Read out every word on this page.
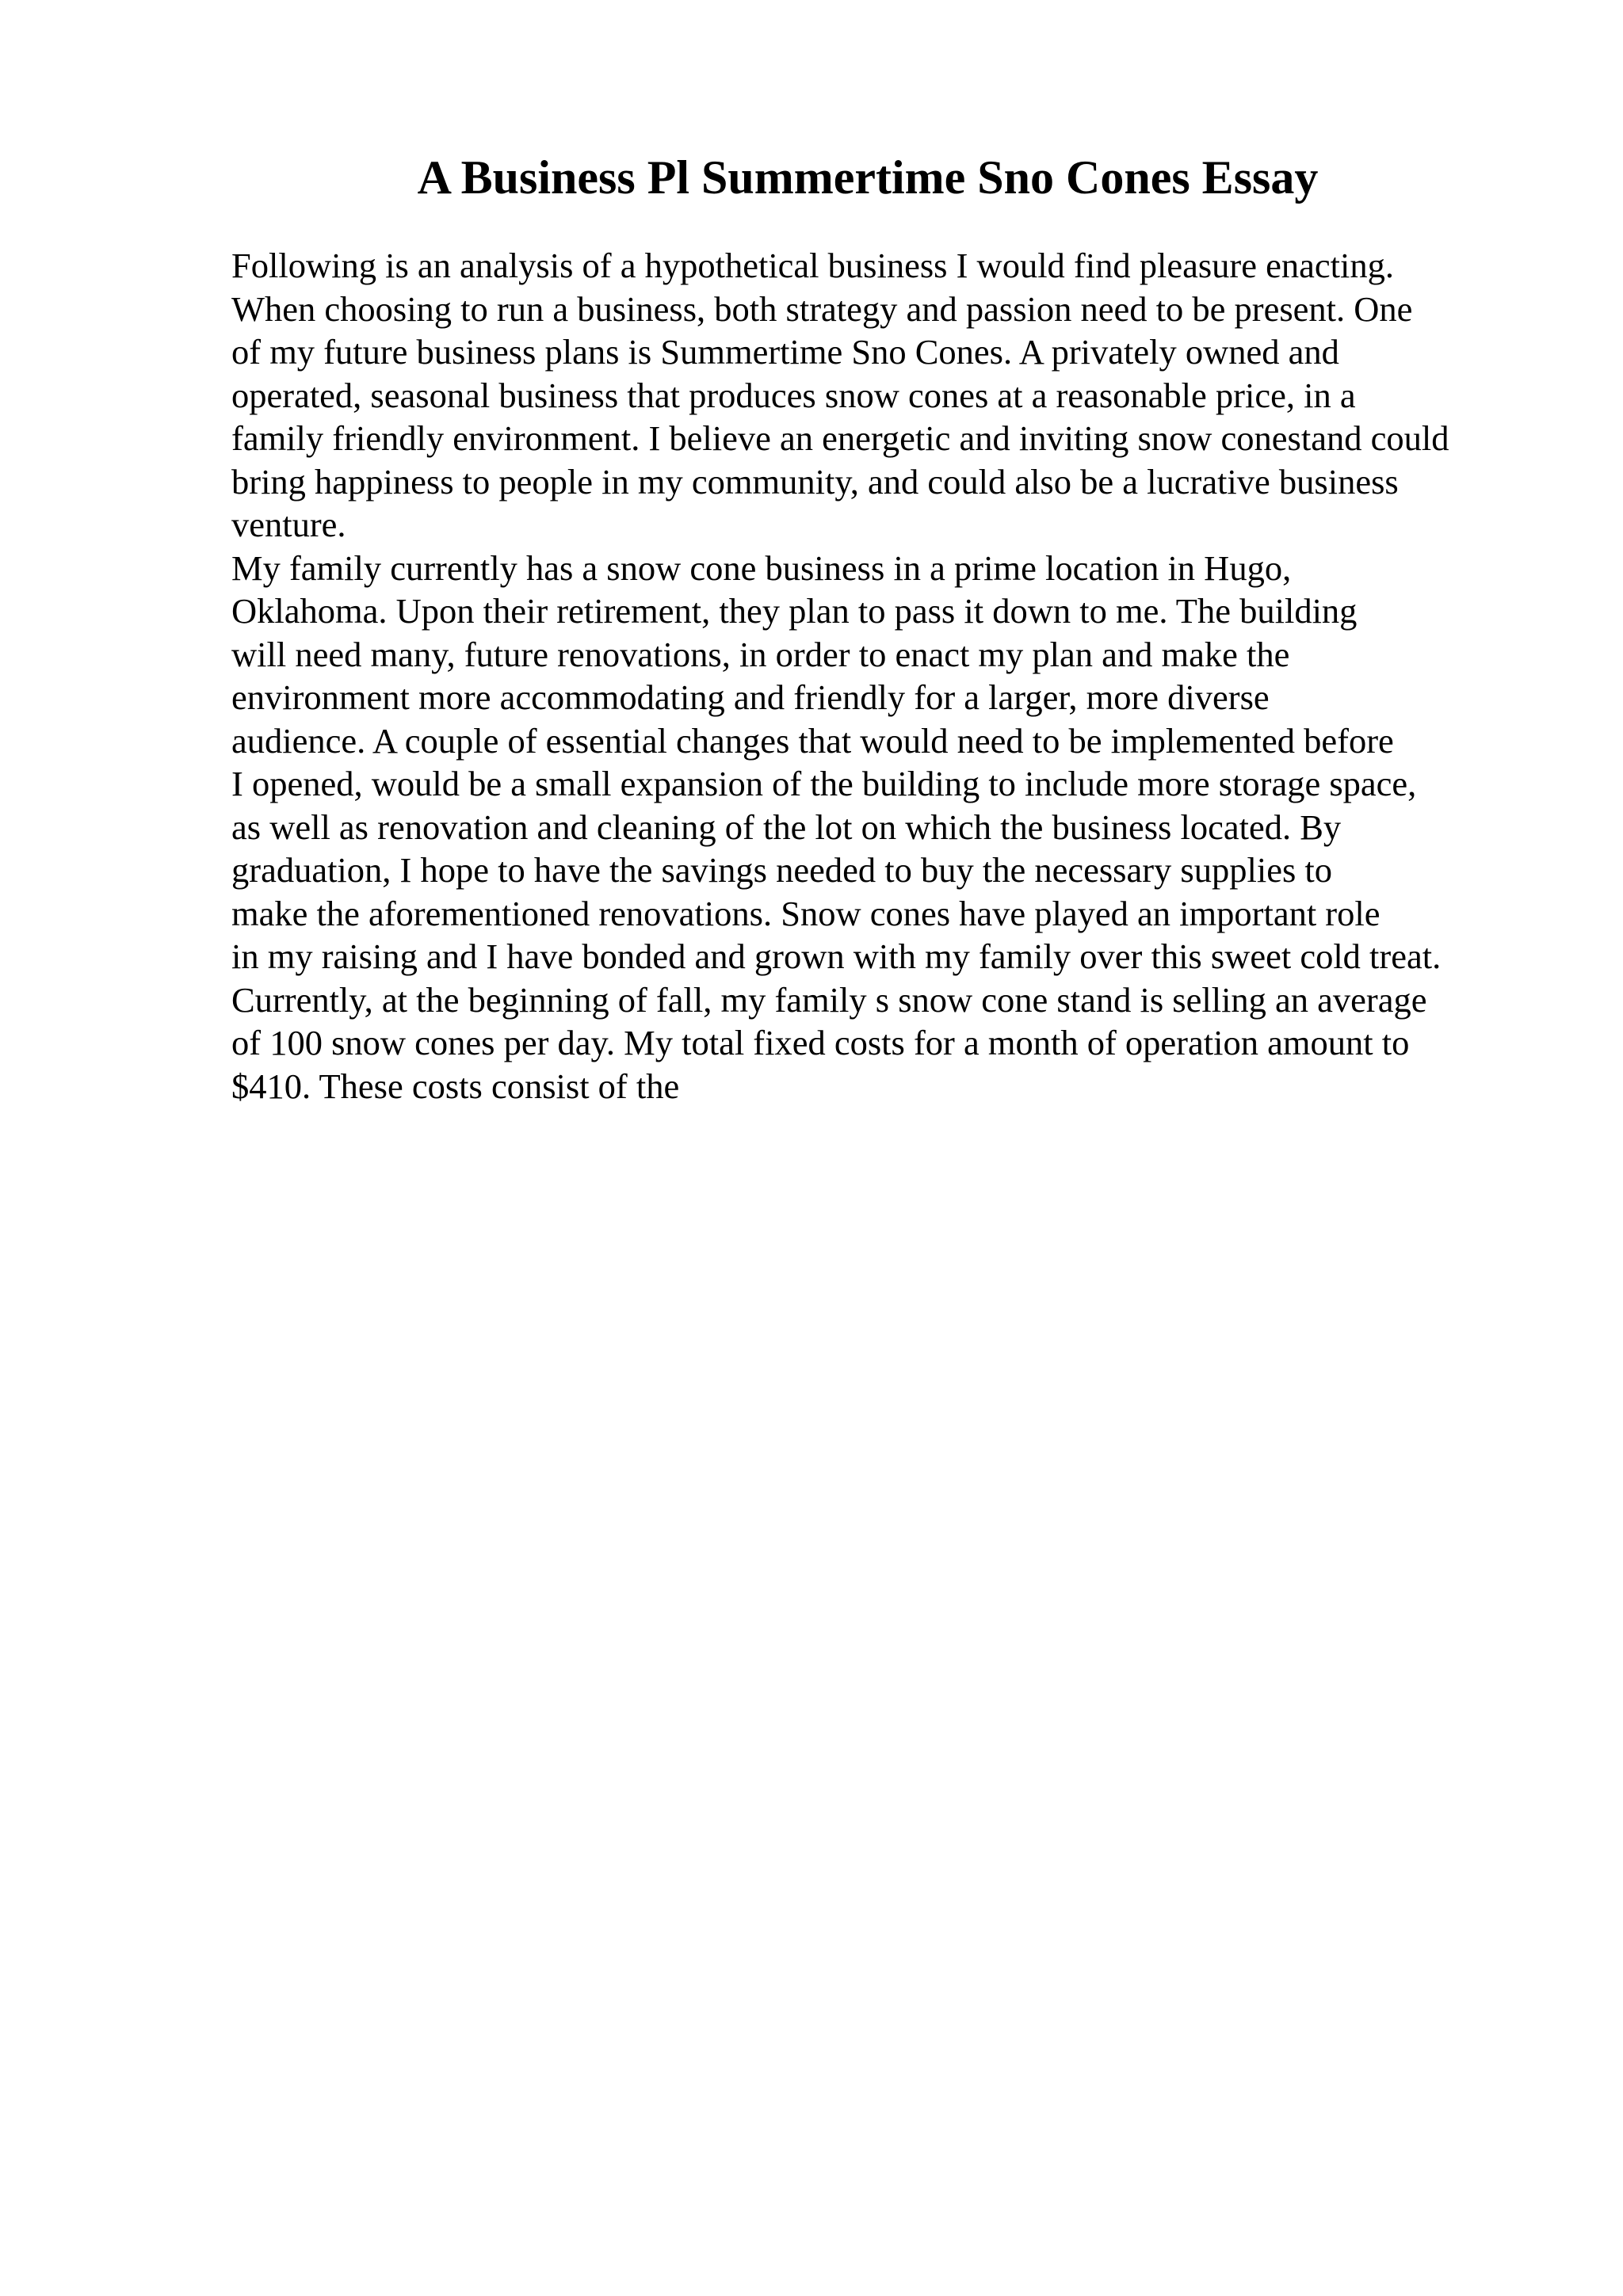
A Business Pl Summertime Sno Cones Essay
Following is an analysis of a hypothetical business I would find pleasure enacting.
When choosing to run a business, both strategy and passion need to be present. One
of my future business plans is Summertime Sno Cones. A privately owned and
operated, seasonal business that produces snow cones at a reasonable price, in a
family friendly environment. I believe an energetic and inviting snow conestand could
bring happiness to people in my community, and could also be a lucrative business
venture.
My family currently has a snow cone business in a prime location in Hugo,
Oklahoma. Upon their retirement, they plan to pass it down to me. The building
will need many, future renovations, in order to enact my plan and make the
environment more accommodating and friendly for a larger, more diverse
audience. A couple of essential changes that would need to be implemented before
I opened, would be a small expansion of the building to include more storage space,
as well as renovation and cleaning of the lot on which the business located. By
graduation, I hope to have the savings needed to buy the necessary supplies to
make the aforementioned renovations. Snow cones have played an important role
in my raising and I have bonded and grown with my family over this sweet cold treat.
Currently, at the beginning of fall, my family s snow cone stand is selling an average
of 100 snow cones per day. My total fixed costs for a month of operation amount to
$410. These costs consist of the
